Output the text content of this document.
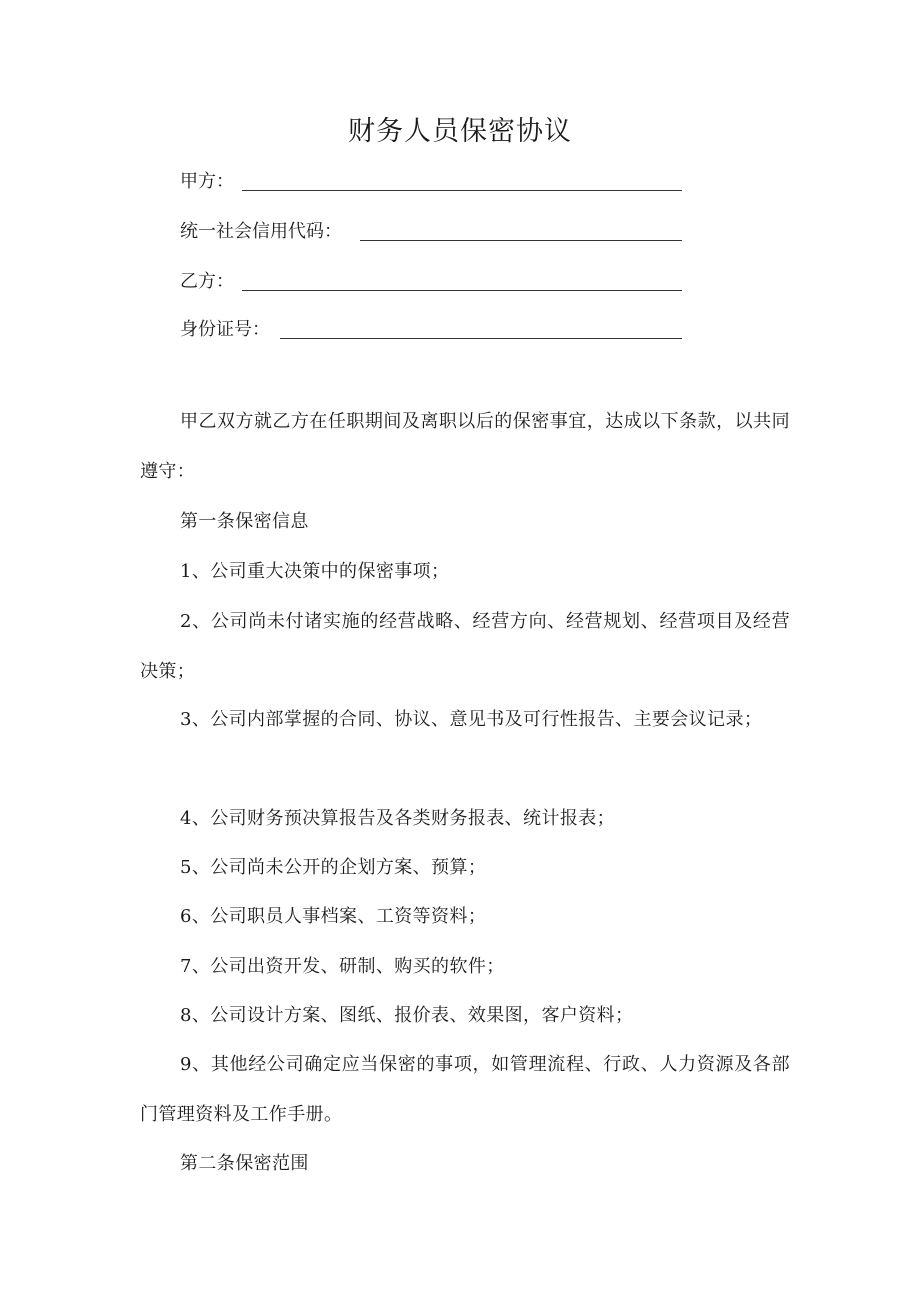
财务人员保密协议
甲方：
统一社会信用代码：
乙方：
身份证号：
甲乙双方就乙方在任职期间及离职以后的保密事宜，达成以下条款，以共同遵守：
第一条保密信息
1、公司重大决策中的保密事项；
2、公司尚未付诸实施的经营战略、经营方向、经营规划、经营项目及经营决策；
3、公司内部掌握的合同、协议、意见书及可行性报告、主要会议记录；
4、公司财务预决算报告及各类财务报表、统计报表；
5、公司尚未公开的企划方案、预算；
6、公司职员人事档案、工资等资料；
7、公司出资开发、研制、购买的软件；
8、公司设计方案、图纸、报价表、效果图，客户资料；
9、其他经公司确定应当保密的事项，如管理流程、行政、人力资源及各部门管理资料及工作手册。
第二条保密范围
